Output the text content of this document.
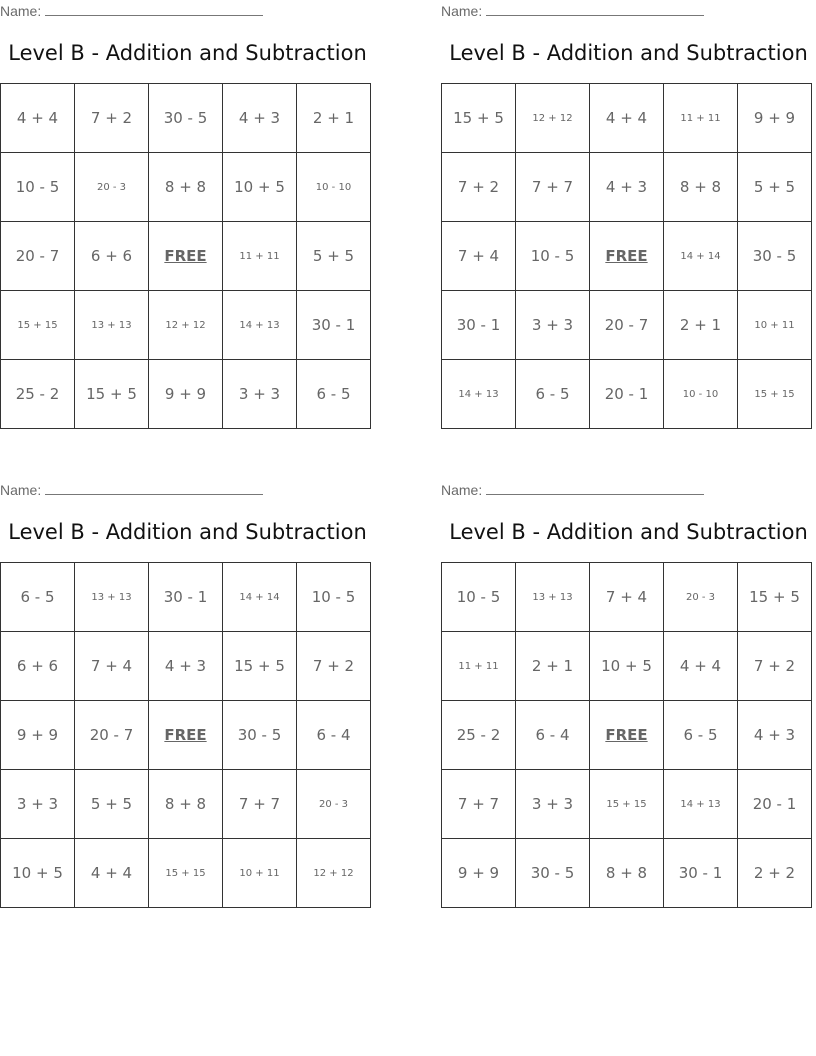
Name:
Level B - Addition and Subtraction
4 + 4	7 + 2	30 - 5	4 + 3	2 + 1
10 - 5	20 - 3	8 + 8	10 + 5	10 - 10
20 - 7	6 + 6	FREE	11 + 11	5 + 5
15 + 15	13 + 13	12 + 12	14 + 13	30 - 1
25 - 2	15 + 5	9 + 9	3 + 3	6 - 5
Name:
Level B - Addition and Subtraction
15 + 5	12 + 12	4 + 4	11 + 11	9 + 9
7 + 2	7 + 7	4 + 3	8 + 8	5 + 5
7 + 4	10 - 5	FREE	14 + 14	30 - 5
30 - 1	3 + 3	20 - 7	2 + 1	10 + 11
14 + 13	6 - 5	20 - 1	10 - 10	15 + 15
Name:
Level B - Addition and Subtraction
6 - 5	13 + 13	30 - 1	14 + 14	10 - 5
6 + 6	7 + 4	4 + 3	15 + 5	7 + 2
9 + 9	20 - 7	FREE	30 - 5	6 - 4
3 + 3	5 + 5	8 + 8	7 + 7	20 - 3
10 + 5	4 + 4	15 + 15	10 + 11	12 + 12
Name:
Level B - Addition and Subtraction
10 - 5	13 + 13	7 + 4	20 - 3	15 + 5
11 + 11	2 + 1	10 + 5	4 + 4	7 + 2
25 - 2	6 - 4	FREE	6 - 5	4 + 3
7 + 7	3 + 3	15 + 15	14 + 13	20 - 1
9 + 9	30 - 5	8 + 8	30 - 1	2 + 2
